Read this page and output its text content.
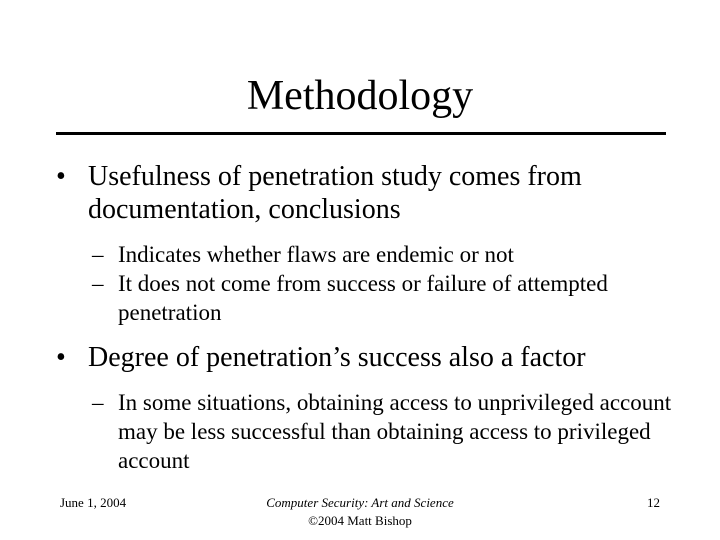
Methodology
• Usefulness of penetration study comes from documentation, conclusions
– Indicates whether flaws are endemic or not
– It does not come from success or failure of attempted penetration
• Degree of penetration’s success also a factor
– In some situations, obtaining access to unprivileged account may be less successful than obtaining access to privileged account
June 1, 2004	Computer Security: Art and Science
©2004 Matt Bishop
12
